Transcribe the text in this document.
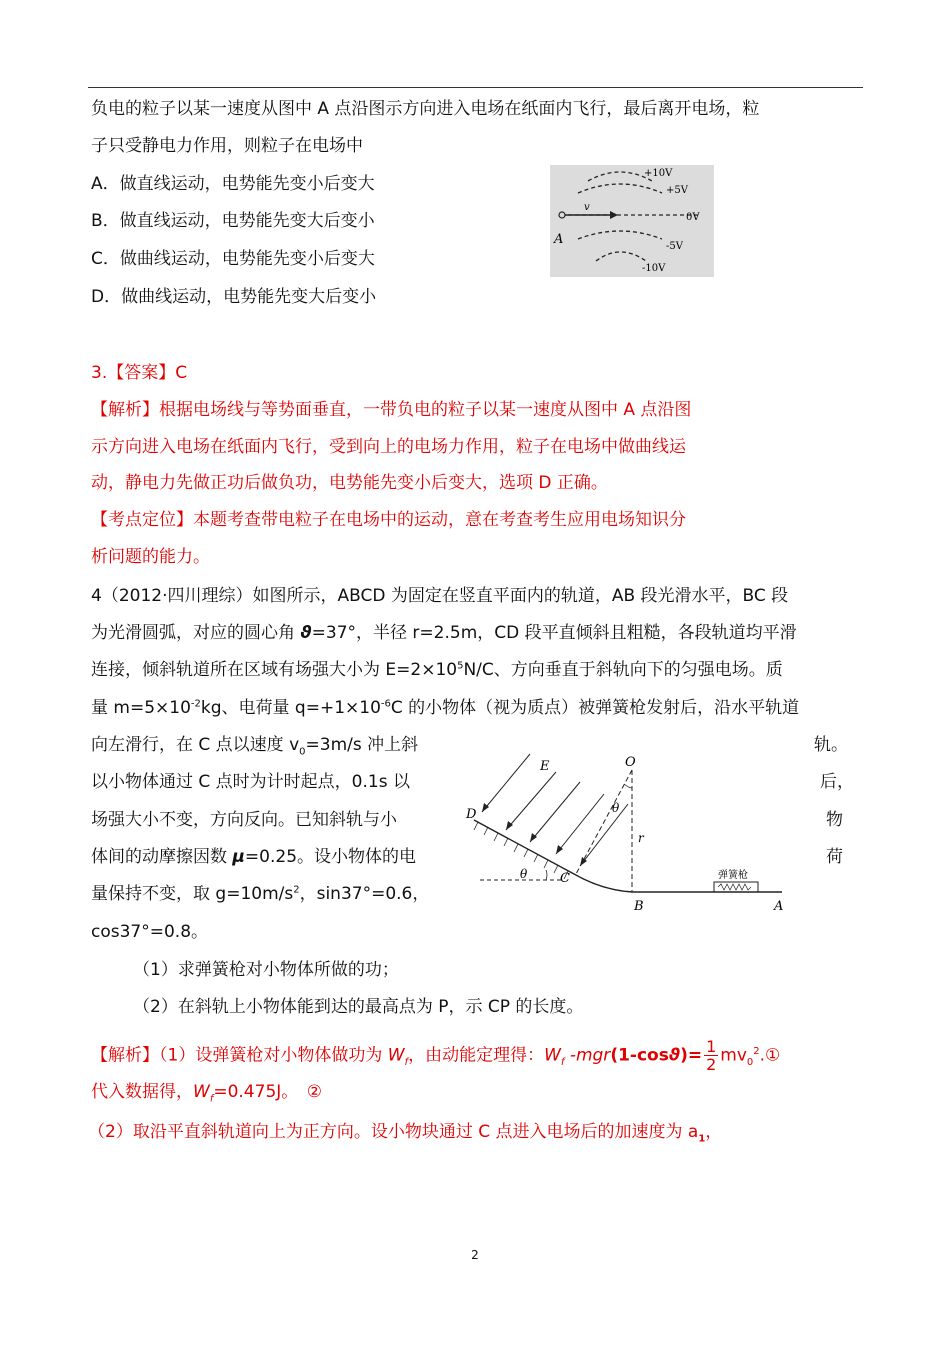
负电的粒子以某一速度从图中 A 点沿图示方向进入电场在纸面内飞行，最后离开电场，粒
子只受静电力作用，则粒子在电场中
A．做直线运动，电势能先变小后变大
B．做直线运动，电势能先变大后变小
C．做曲线运动，电势能先变小后变大
D．做曲线运动，电势能先变大后变小
+10V
+5V
0V
-5V
-10V
v
A
3.【答案】C
【解析】根据电场线与等势面垂直，一带负电的粒子以某一速度从图中 A 点沿图
示方向进入电场在纸面内飞行，受到向上的电场力作用，粒子在电场中做曲线运
动，静电力先做正功后做负功，电势能先变小后变大，选项 D 正确。
【考点定位】本题考查带电粒子在电场中的运动，意在考查考生应用电场知识分
析问题的能力。
4（2012·四川理综）如图所示，ABCD 为固定在竖直平面内的轨道，AB 段光滑水平，BC 段
为光滑圆弧，对应的圆心角 ϑ=37°，半径 r=2.5m，CD 段平直倾斜且粗糙，各段轨道均平滑
连接，倾斜轨道所在区域有场强大小为 $E=2\times 10^5N/C$、方向垂直于斜轨向下的匀强电场。质
量 $m=5\times 10^{-2}kg$、电荷量 $q=+1\times 10^{-6}C$ 的小物体（视为质点）被弹簧枪发射后，沿水平轨道
向左滑行，在 C 点以速度 $v_0=3m/s$ 冲上斜	轨。
以小物体通过 C 点时为计时起点，0.1s 以	后，
场强大小不变，方向反向。已知斜轨与小	物
体间的动摩擦因数 μ=0.25。设小物体的电	荷
量保持不变，取 $g=10m/s^2$，sin37°=0.6，
cos37°=0.8。
E	O
θ
D
r
θ	C
B
弹簧枪
A
（1）求弹簧枪对小物体所做的功；
（2）在斜轨上小物体能到达的最高点为 P，示 CP 的长度。
【解析】（1）设弹簧枪对小物体做功为 $W_f$，由动能定理得：$W_f$ $-mgr(1-\cos ϑ)= \frac{1}{2}$ $mv_0^2.①$
代入数据得，$W_f=0.475J$。　②
（2）取沿平直斜轨道向上为正方向。设小物块通过 C 点进入电场后的加速度为 $a_1$，
2
